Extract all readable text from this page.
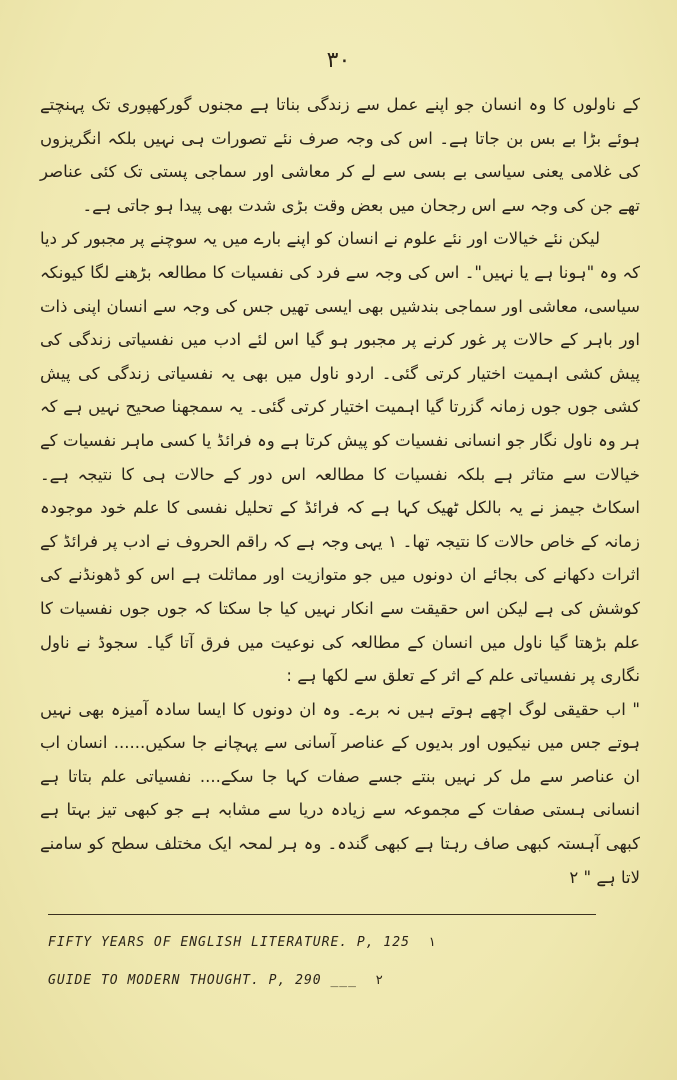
۳۰

کے ناولوں کا وہ انسان جو اپنے عمل سے زندگی بناتا ہے مجنوں گورکھپوری تک پہنچتے ہوئے بڑا بے بس بن جاتا ہے۔ اس کی وجہ صرف نئے تصورات ہی نہیں بلکہ انگریزوں کی غلامی یعنی سیاسی بے بسی سے لے کر معاشی اور سماجی پستی تک کئی عناصر تھے جن کی وجہ سے اس رجحان میں بعض وقت بڑی شدت بھی پیدا ہو جاتی ہے۔

لیکن نئے خیالات اور نئے علوم نے انسان کو اپنے بارے میں یہ سوچنے پر مجبور کر دیا کہ وہ "ہونا ہے یا نہیں"۔ اس کی وجہ سے فرد کی نفسیات کا مطالعہ بڑھنے لگا کیونکہ سیاسی، معاشی اور سماجی بندشیں بھی ایسی تھیں جس کی وجہ سے انسان اپنی ذات اور باہر کے حالات پر غور کرنے پر مجبور ہو گیا اس لئے ادب میں نفسیاتی زندگی کی پیش کشی اہمیت اختیار کرتی گئی۔ اردو ناول میں بھی یہ نفسیاتی زندگی کی پیش کشی جوں جوں زمانہ گزرتا گیا اہمیت اختیار کرتی گئی۔ یہ سمجھنا صحیح نہیں ہے کہ ہر وہ ناول نگار جو انسانی نفسیات کو پیش کرتا ہے وہ فرائڈ یا کسی ماہر نفسیات کے خیالات سے متاثر ہے بلکہ نفسیات کا مطالعہ اس دور کے حالات ہی کا نتیجہ ہے۔ اسکاٹ جیمز نے یہ بالکل ٹھیک کہا ہے کہ فرائڈ کے تحلیل نفسی کا علم خود موجودہ زمانہ کے خاص حالات کا نتیجہ تھا۔ ۱ یہی وجہ ہے کہ راقم الحروف نے ادب پر فرائڈ کے اثرات دکھانے کی بجائے ان دونوں میں جو متوازیت اور مماثلت ہے اس کو ڈھونڈنے کی کوشش کی ہے لیکن اس حقیقت سے انکار نہیں کیا جا سکتا کہ جوں جوں نفسیات کا علم بڑھتا گیا ناول میں انسان کے مطالعہ کی نوعیت میں فرق آتا گیا۔ سجوڈ نے ناول نگاری پر نفسیاتی علم کے اثر کے تعلق سے لکھا ہے :

" اب حقیقی لوگ اچھے ہوتے ہیں نہ برے۔ وہ ان دونوں کا ایسا سادہ آمیزہ بھی نہیں ہوتے جس میں نیکیوں اور بدیوں کے عناصر آسانی سے پہچانے جا سکیں...... انسان اب ان عناصر سے مل کر نہیں بنتے جسے صفات کہا جا سکے.... نفسیاتی علم بتاتا ہے انسانی ہستی صفات کے مجموعہ سے زیادہ دریا سے مشابہ ہے جو کبھی تیز بہتا ہے کبھی آہستہ کبھی صاف رہتا ہے کبھی گندہ۔ وہ ہر لمحہ ایک مختلف سطح کو سامنے لاتا ہے " ۲

FIFTY YEARS OF ENGLISH LITERATURE. P, 125 ۱
GUIDE TO MODERN THOUGHT. P, 290 ___ ۲
